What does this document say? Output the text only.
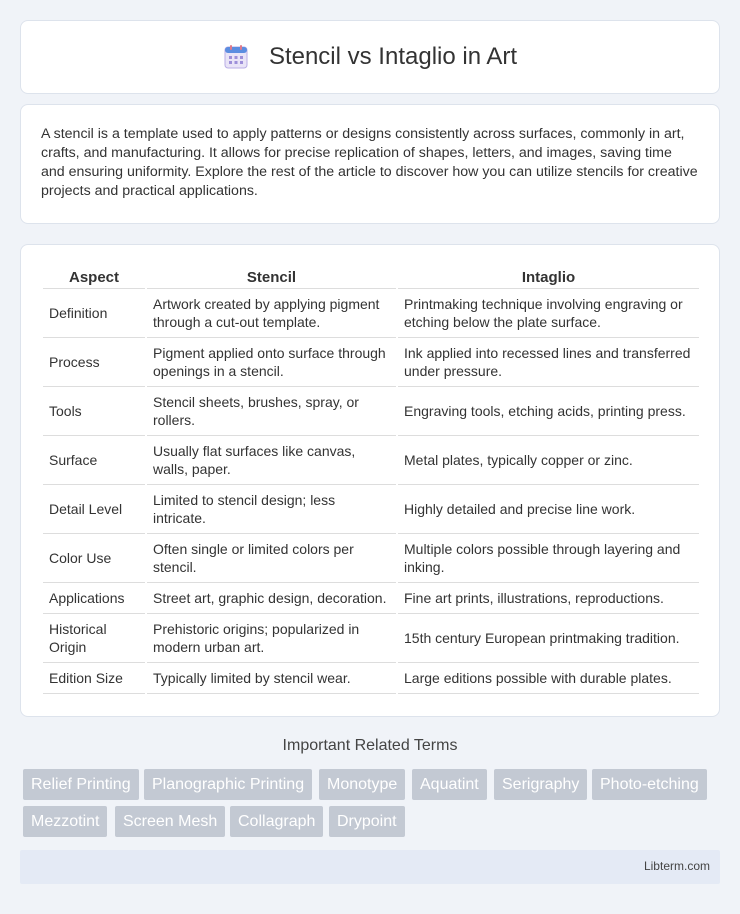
Stencil vs Intaglio in Art

A stencil is a template used to apply patterns or designs consistently across surfaces, commonly in art, crafts, and manufacturing. It allows for precise replication of shapes, letters, and images, saving time and ensuring uniformity. Explore the rest of the article to discover how you can utilize stencils for creative projects and practical applications.

Aspect	Stencil	Intaglio
Definition	Artwork created by applying pigment through a cut-out template.	Printmaking technique involving engraving or etching below the plate surface.
Process	Pigment applied onto surface through openings in a stencil.	Ink applied into recessed lines and transferred under pressure.
Tools	Stencil sheets, brushes, spray, or rollers.	Engraving tools, etching acids, printing press.
Surface	Usually flat surfaces like canvas, walls, paper.	Metal plates, typically copper or zinc.
Detail Level	Limited to stencil design; less intricate.	Highly detailed and precise line work.
Color Use	Often single or limited colors per stencil.	Multiple colors possible through layering and inking.
Applications	Street art, graphic design, decoration.	Fine art prints, illustrations, reproductions.
Historical Origin	Prehistoric origins; popularized in modern urban art.	15th century European printmaking tradition.
Edition Size	Typically limited by stencil wear.	Large editions possible with durable plates.
Important Related Terms
Relief Printing	Planographic Printing	Monotype	Aquatint	Serigraphy	Photo-etching
Mezzotint	Screen Mesh	Collagraph	Drypoint
Libterm.com
